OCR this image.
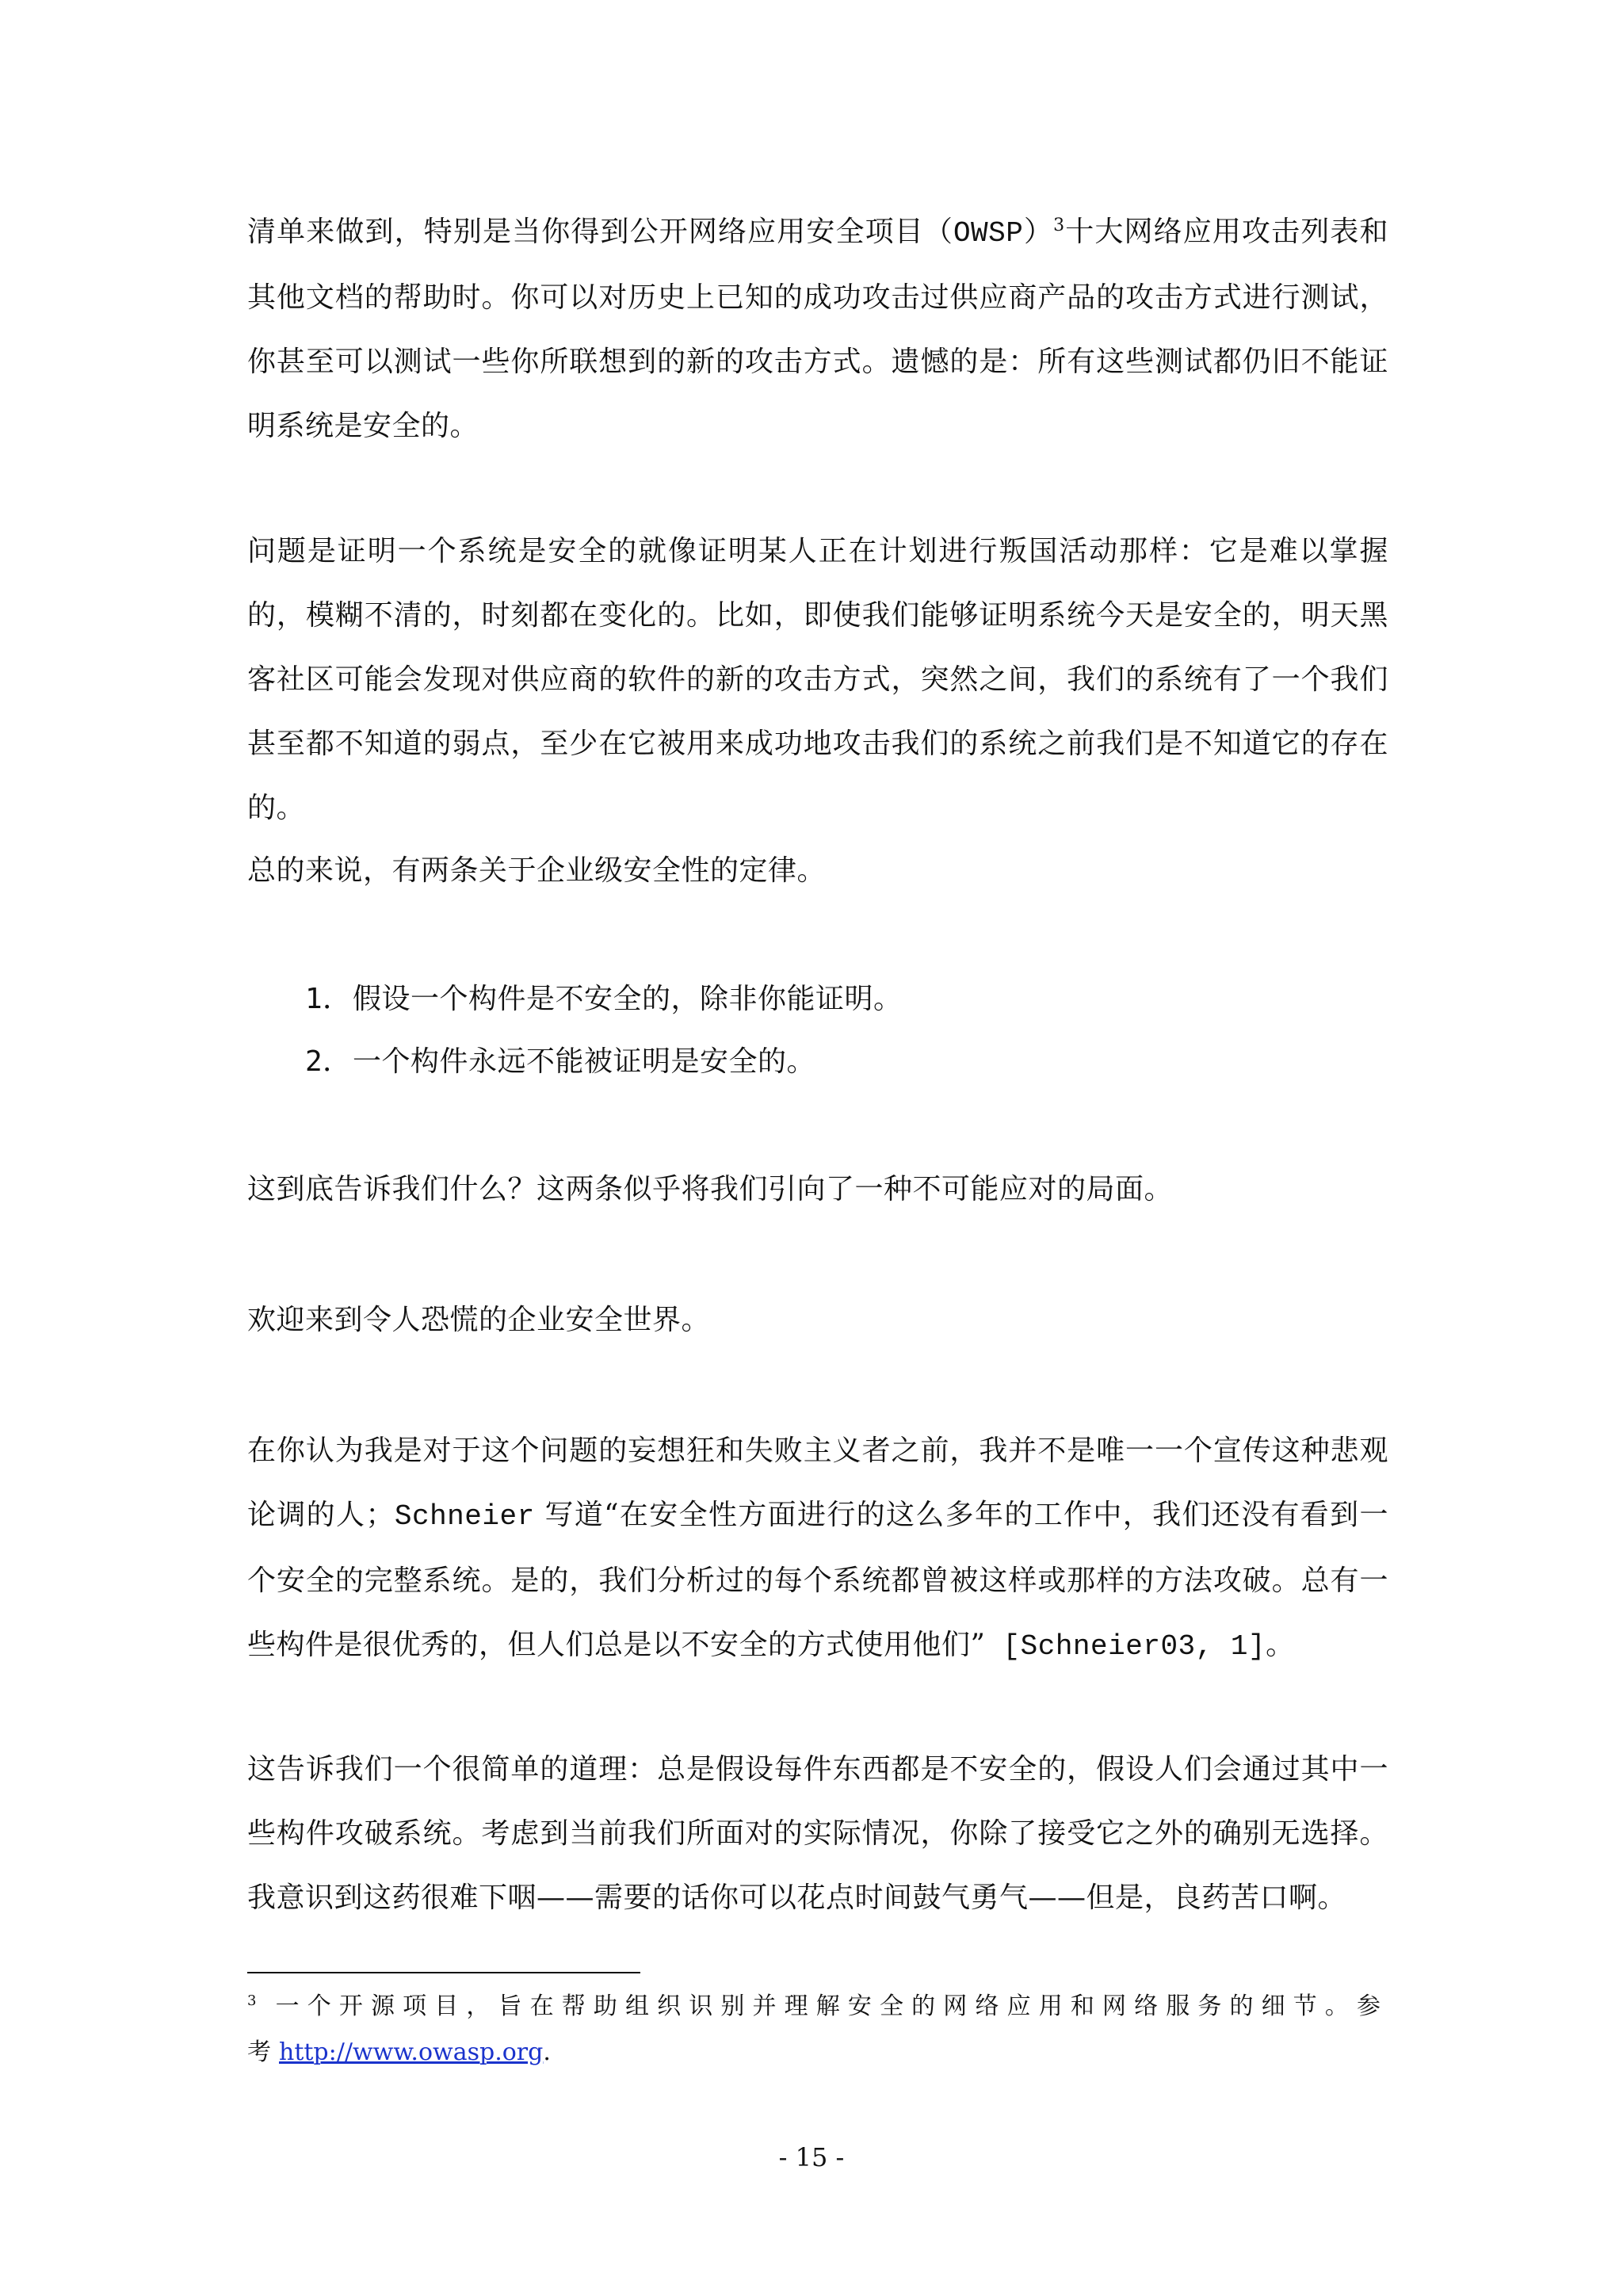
清单来做到，特别是当你得到公开网络应用安全项目（OWSP）$^3$十大网络应用攻击列表和其他文档的帮助时。你可以对历史上已知的成功攻击过供应商产品的攻击方式进行测试，你甚至可以测试一些你所联想到的新的攻击方式。遗憾的是：所有这些测试都仍旧不能证明系统是安全的。

问题是证明一个系统是安全的就像证明某人正在计划进行叛国活动那样：它是难以掌握的，模糊不清的，时刻都在变化的。比如，即使我们能够证明系统今天是安全的，明天黑客社区可能会发现对供应商的软件的新的攻击方式，突然之间，我们的系统有了一个我们甚至都不知道的弱点，至少在它被用来成功地攻击我们的系统之前我们是不知道它的存在的。

总的来说，有两条关于企业级安全性的定律。

1．假设一个构件是不安全的，除非你能证明。

2．一个构件永远不能被证明是安全的。

这到底告诉我们什么？这两条似乎将我们引向了一种不可能应对的局面。

欢迎来到令人恐慌的企业安全世界。

在你认为我是对于这个问题的妄想狂和失败主义者之前，我并不是唯一一个宣传这种悲观论调的人；Schneier 写道“在安全性方面进行的这么多年的工作中，我们还没有看到一个安全的完整系统。是的，我们分析过的每个系统都曾被这样或那样的方法攻破。总有一些构件是很优秀的，但人们总是以不安全的方式使用他们” [Schneier03, 1]。

这告诉我们一个很简单的道理：总是假设每件东西都是不安全的，假设人们会通过其中一些构件攻破系统。考虑到当前我们所面对的实际情况，你除了接受它之外的确别无选择。我意识到这药很难下咽——需要的话你可以花点时间鼓气勇气——但是，良药苦口啊。

$^3$ 一个开源项目，旨在帮助组织识别并理解安全的网络应用和网络服务的细节。参考http://www.owasp.org.

- 15 -
